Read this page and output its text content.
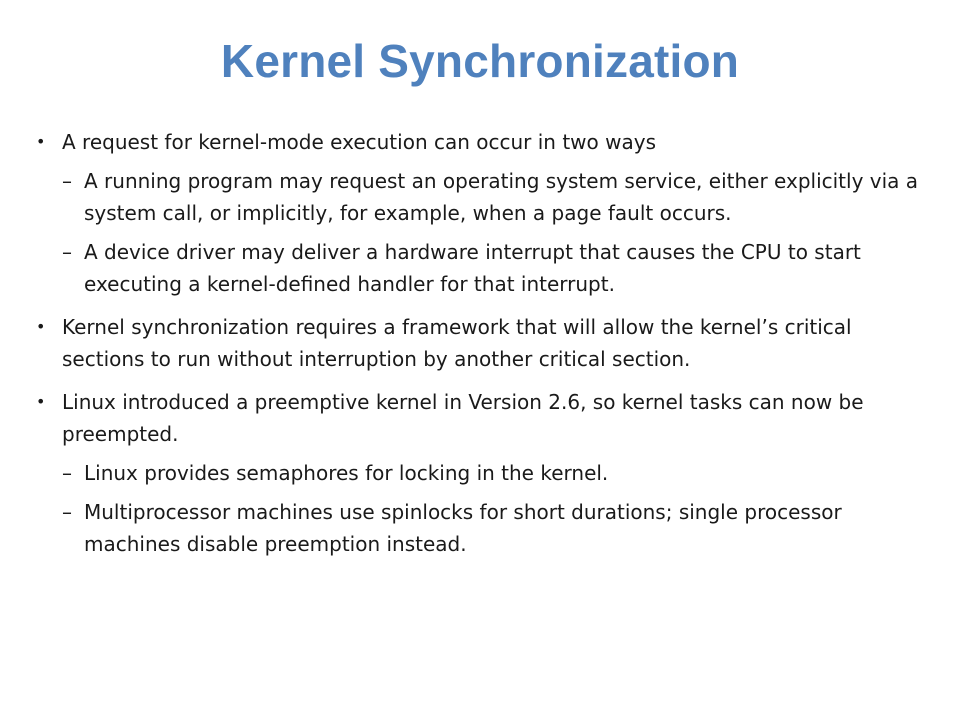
Kernel Synchronization
• A request for kernel-mode execution can occur in two ways
– A running program may request an operating system service, either explicitly via a system call, or implicitly, for example, when a page fault occurs.
– A device driver may deliver a hardware interrupt that causes the CPU to start executing a kernel-defined handler for that interrupt.
• Kernel synchronization requires a framework that will allow the kernel’s critical sections to run without interruption by another critical section.
• Linux introduced a preemptive kernel in Version 2.6, so kernel tasks can now be preempted.
– Linux provides semaphores for locking in the kernel.
– Multiprocessor machines use spinlocks for short durations; single processor machines disable preemption instead.
